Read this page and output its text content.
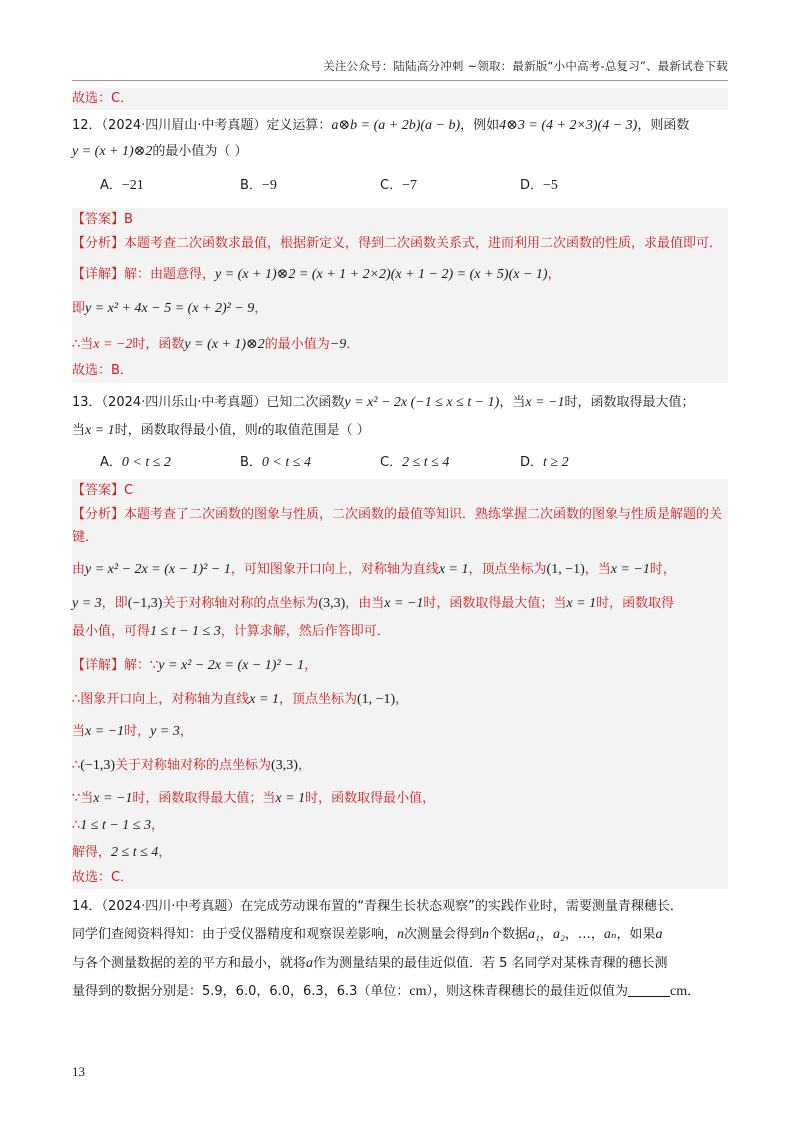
关注公众号：陆陆高分冲刺 ~领取：最新版“小中高考-总复习”、最新试卷下载
故选：C．
12．（2024·四川眉山·中考真题）定义运算：a⊗b = (a + 2b)(a − b)，例如4⊗3 = (4 + 2×3)(4 − 3)，则函数
y = (x + 1)⊗2的最小值为（ ）
A．−21	B．−9	C．−7	D．−5
【答案】B
【分析】本题考查二次函数求最值，根据新定义，得到二次函数关系式，进而利用二次函数的性质，求最值即可．
【详解】解：由题意得，y = (x + 1)⊗2 = (x + 1 + 2×2)(x + 1 − 2) = (x + 5)(x − 1)，
即y = x² + 4x − 5 = (x + 2)² − 9，
∴当x = −2时，函数y = (x + 1)⊗2的最小值为−9．
故选：B．
13．（2024·四川乐山·中考真题）已知二次函数y = x² − 2x (−1 ≤ x ≤ t − 1)，当x = −1时，函数取得最大值；
当x = 1时，函数取得最小值，则t的取值范围是（ ）
A．0 < t ≤ 2	B．0 < t ≤ 4	C．2 ≤ t ≤ 4	D．t ≥ 2
【答案】C
【分析】本题考查了二次函数的图象与性质，二次函数的最值等知识．熟练掌握二次函数的图象与性质是解题的关键．
由y = x² − 2x = (x − 1)² − 1，可知图象开口向上，对称轴为直线x = 1，顶点坐标为(1, −1)，当x = −1时，
y = 3，即(−1,3)关于对称轴对称的点坐标为(3,3)，由当x = −1时，函数取得最大值；当x = 1时，函数取得
最小值，可得1 ≤ t − 1 ≤ 3，计算求解，然后作答即可．
【详解】解：∵y = x² − 2x = (x − 1)² − 1，
∴图象开口向上，对称轴为直线x = 1，顶点坐标为(1, −1)，
当x = −1时，y = 3，
∴(−1,3)关于对称轴对称的点坐标为(3,3)，
∵当x = −1时，函数取得最大值；当x = 1时，函数取得最小值，
∴1 ≤ t − 1 ≤ 3，
解得，2 ≤ t ≤ 4，
故选：C．
14．（2024·四川·中考真题）在完成劳动课布置的“青稞生长状态观察”的实践作业时，需要测量青稞穗长．
同学们查阅资料得知：由于受仪器精度和观察误差影响，n次测量会得到n个数据a₁，a₂，…，aₙ，如果a
与各个测量数据的差的平方和最小，就将a作为测量结果的最佳近似值．若 5 名同学对某株青稞的穗长测
量得到的数据分别是：5.9，6.0，6.0，6.3，6.3（单位：cm），则这株青稞穗长的最佳近似值为	cm．
13
